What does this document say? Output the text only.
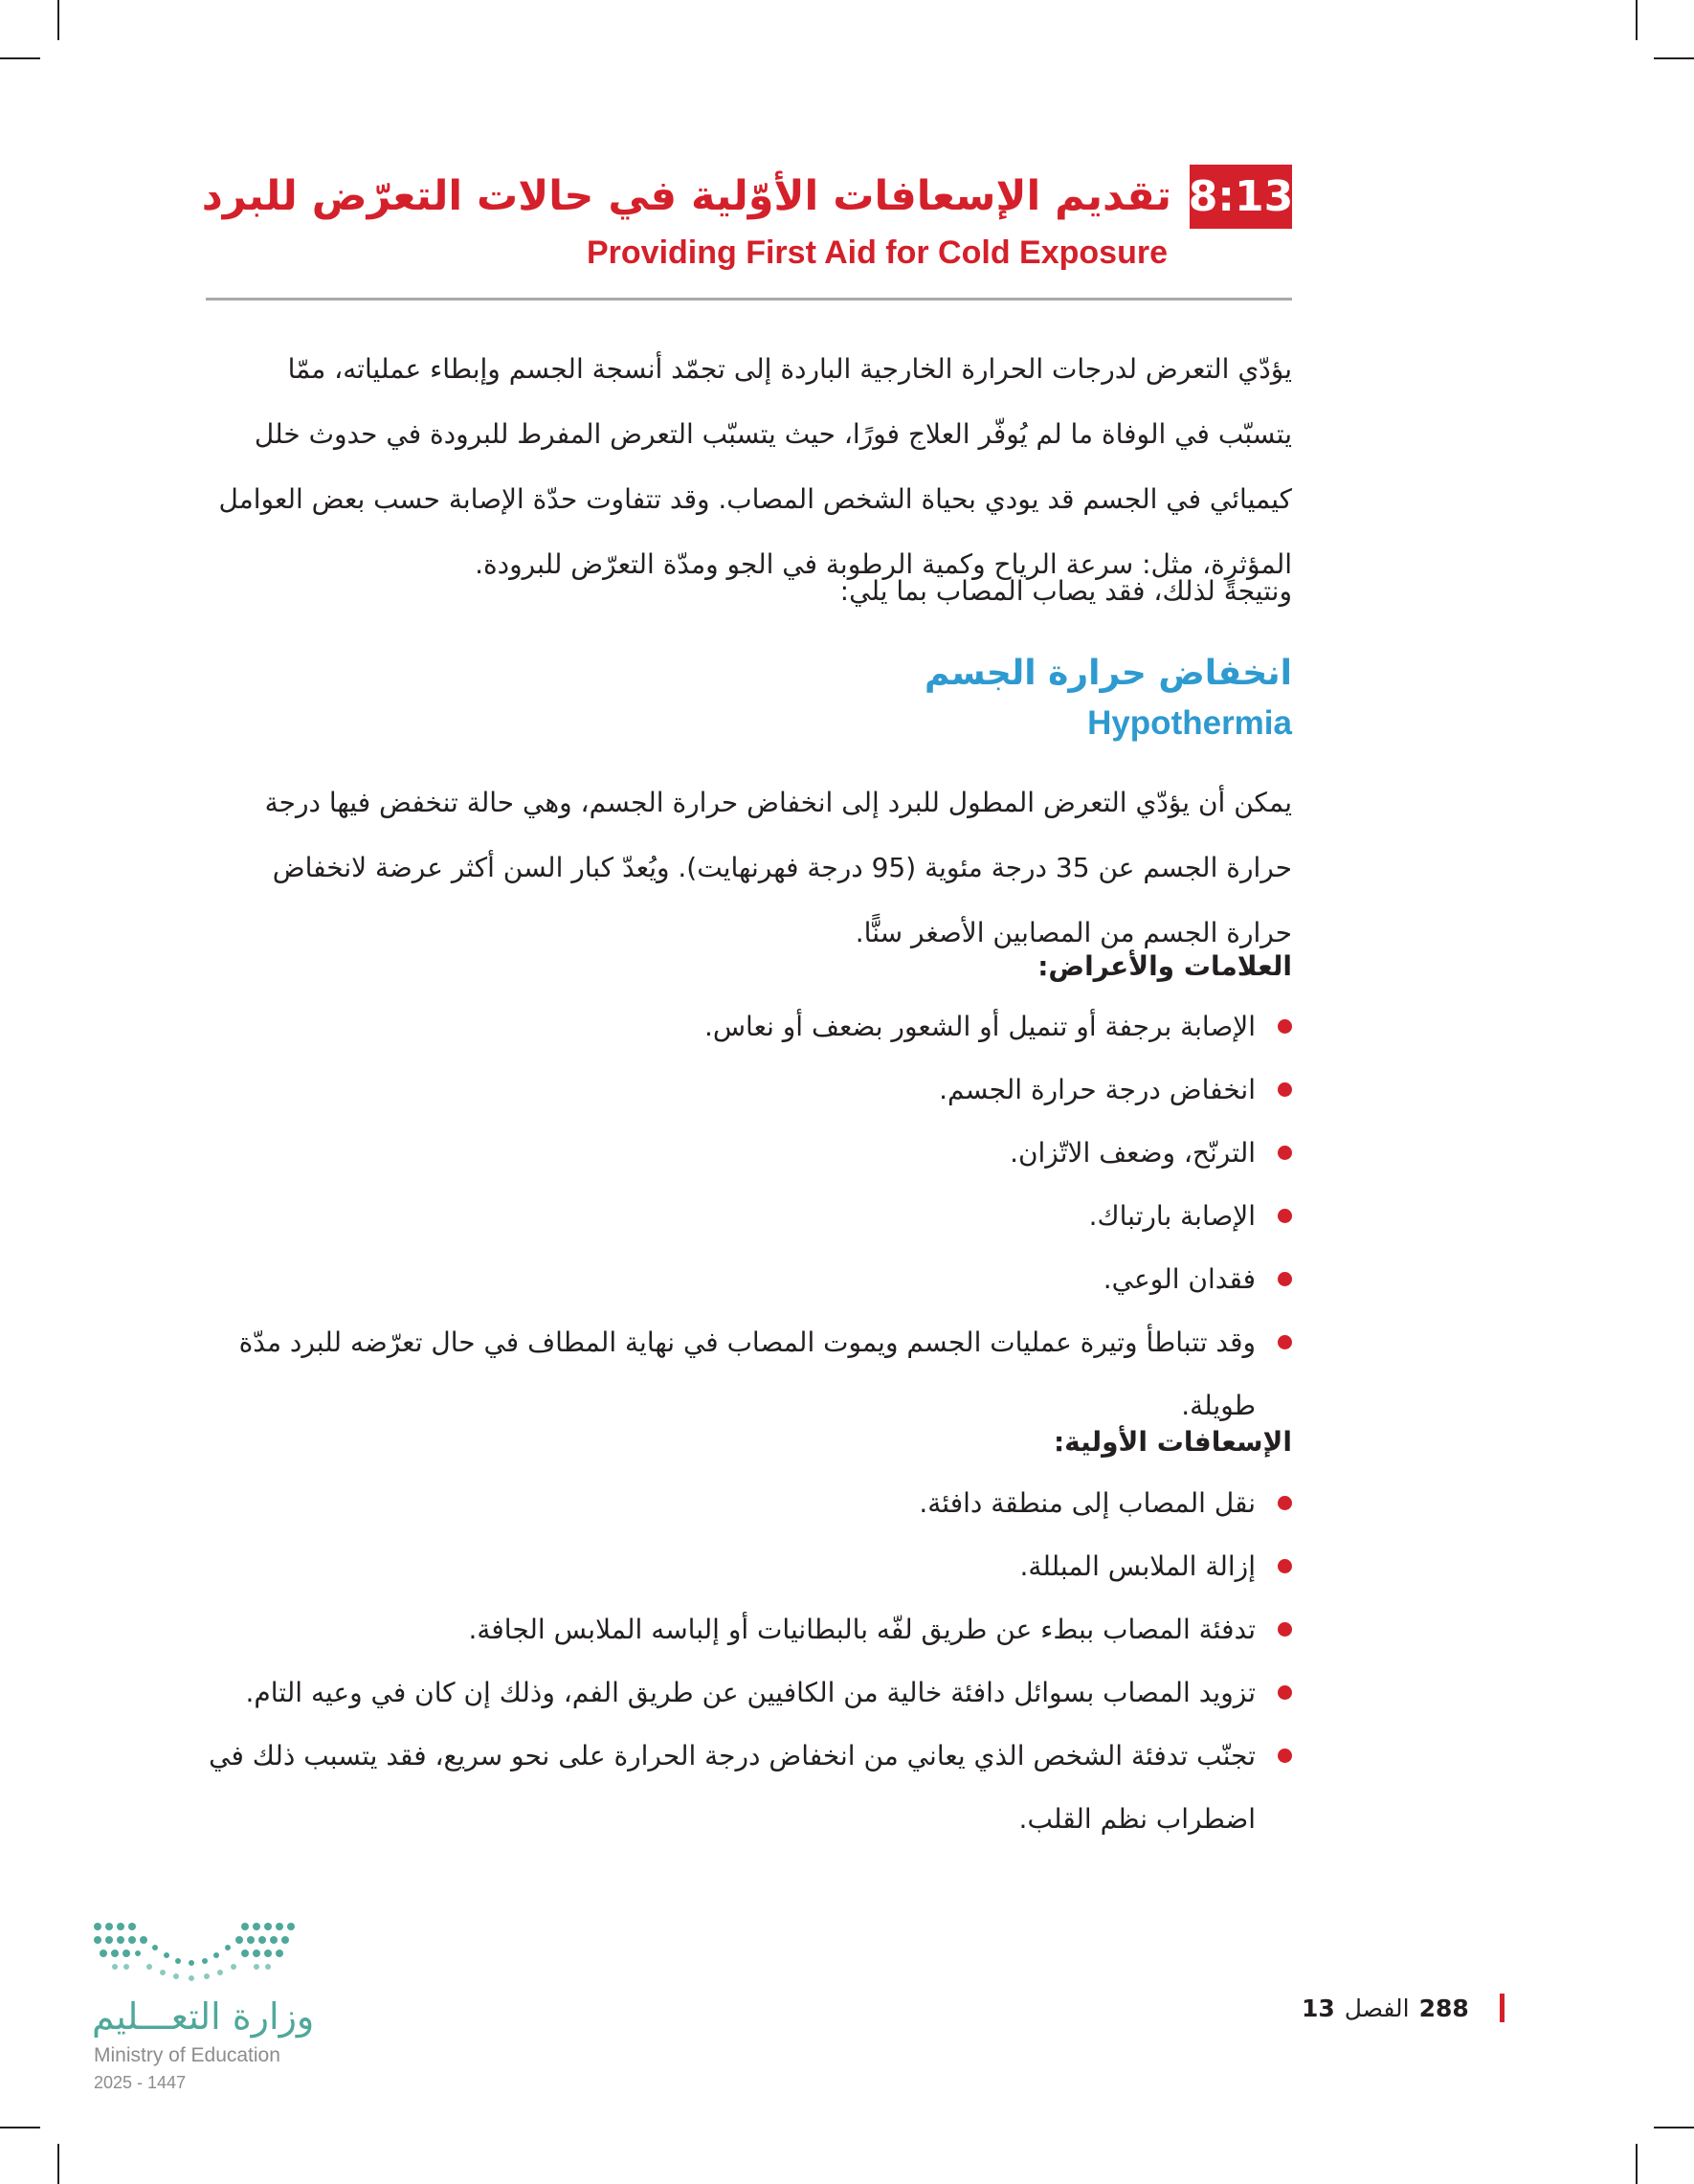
8:13
تقديم الإسعافات الأوّلية في حالات التعرّض للبرد
Providing First Aid for Cold Exposure
يؤدّي التعرض لدرجات الحرارة الخارجية الباردة إلى تجمّد أنسجة الجسم وإبطاء عملياته، ممّا يتسبّب في الوفاة ما لم يُوفّر العلاج فورًا، حيث يتسبّب التعرض المفرط للبرودة في حدوث خلل كيميائي في الجسم قد يودي بحياة الشخص المصاب. وقد تتفاوت حدّة الإصابة حسب بعض العوامل المؤثرة، مثل: سرعة الرياح وكمية الرطوبة في الجو ومدّة التعرّض للبرودة.
ونتيجةً لذلك، فقد يصاب المصاب بما يلي:
انخفاض حرارة الجسم
Hypothermia
يمكن أن يؤدّي التعرض المطول للبرد إلى انخفاض حرارة الجسم، وهي حالة تنخفض فيها درجة حرارة الجسم عن 35 درجة مئوية (95 درجة فهرنهايت). ويُعدّ كبار السن أكثر عرضة لانخفاض حرارة الجسم من المصابين الأصغر سنًّا.
العلامات والأعراض:
الإصابة برجفة أو تنميل أو الشعور بضعف أو نعاس.
انخفاض درجة حرارة الجسم.
الترنّح، وضعف الاتّزان.
الإصابة بارتباك.
فقدان الوعي.
وقد تتباطأ وتيرة عمليات الجسم ويموت المصاب في نهاية المطاف في حال تعرّضه للبرد مدّة طويلة.
الإسعافات الأولية:
نقل المصاب إلى منطقة دافئة.
إزالة الملابس المبللة.
تدفئة المصاب ببطء عن طريق لفّه بالبطانيات أو إلباسه الملابس الجافة.
تزويد المصاب بسوائل دافئة خالية من الكافيين عن طريق الفم، وذلك إن كان في وعيه التام.
تجنّب تدفئة الشخص الذي يعاني من انخفاض درجة الحرارة على نحو سريع، فقد يتسبب ذلك في اضطراب نظم القلب.
وزارة التعـــليم
Ministry of Education
2025 - 1447
13 الفصل 288
